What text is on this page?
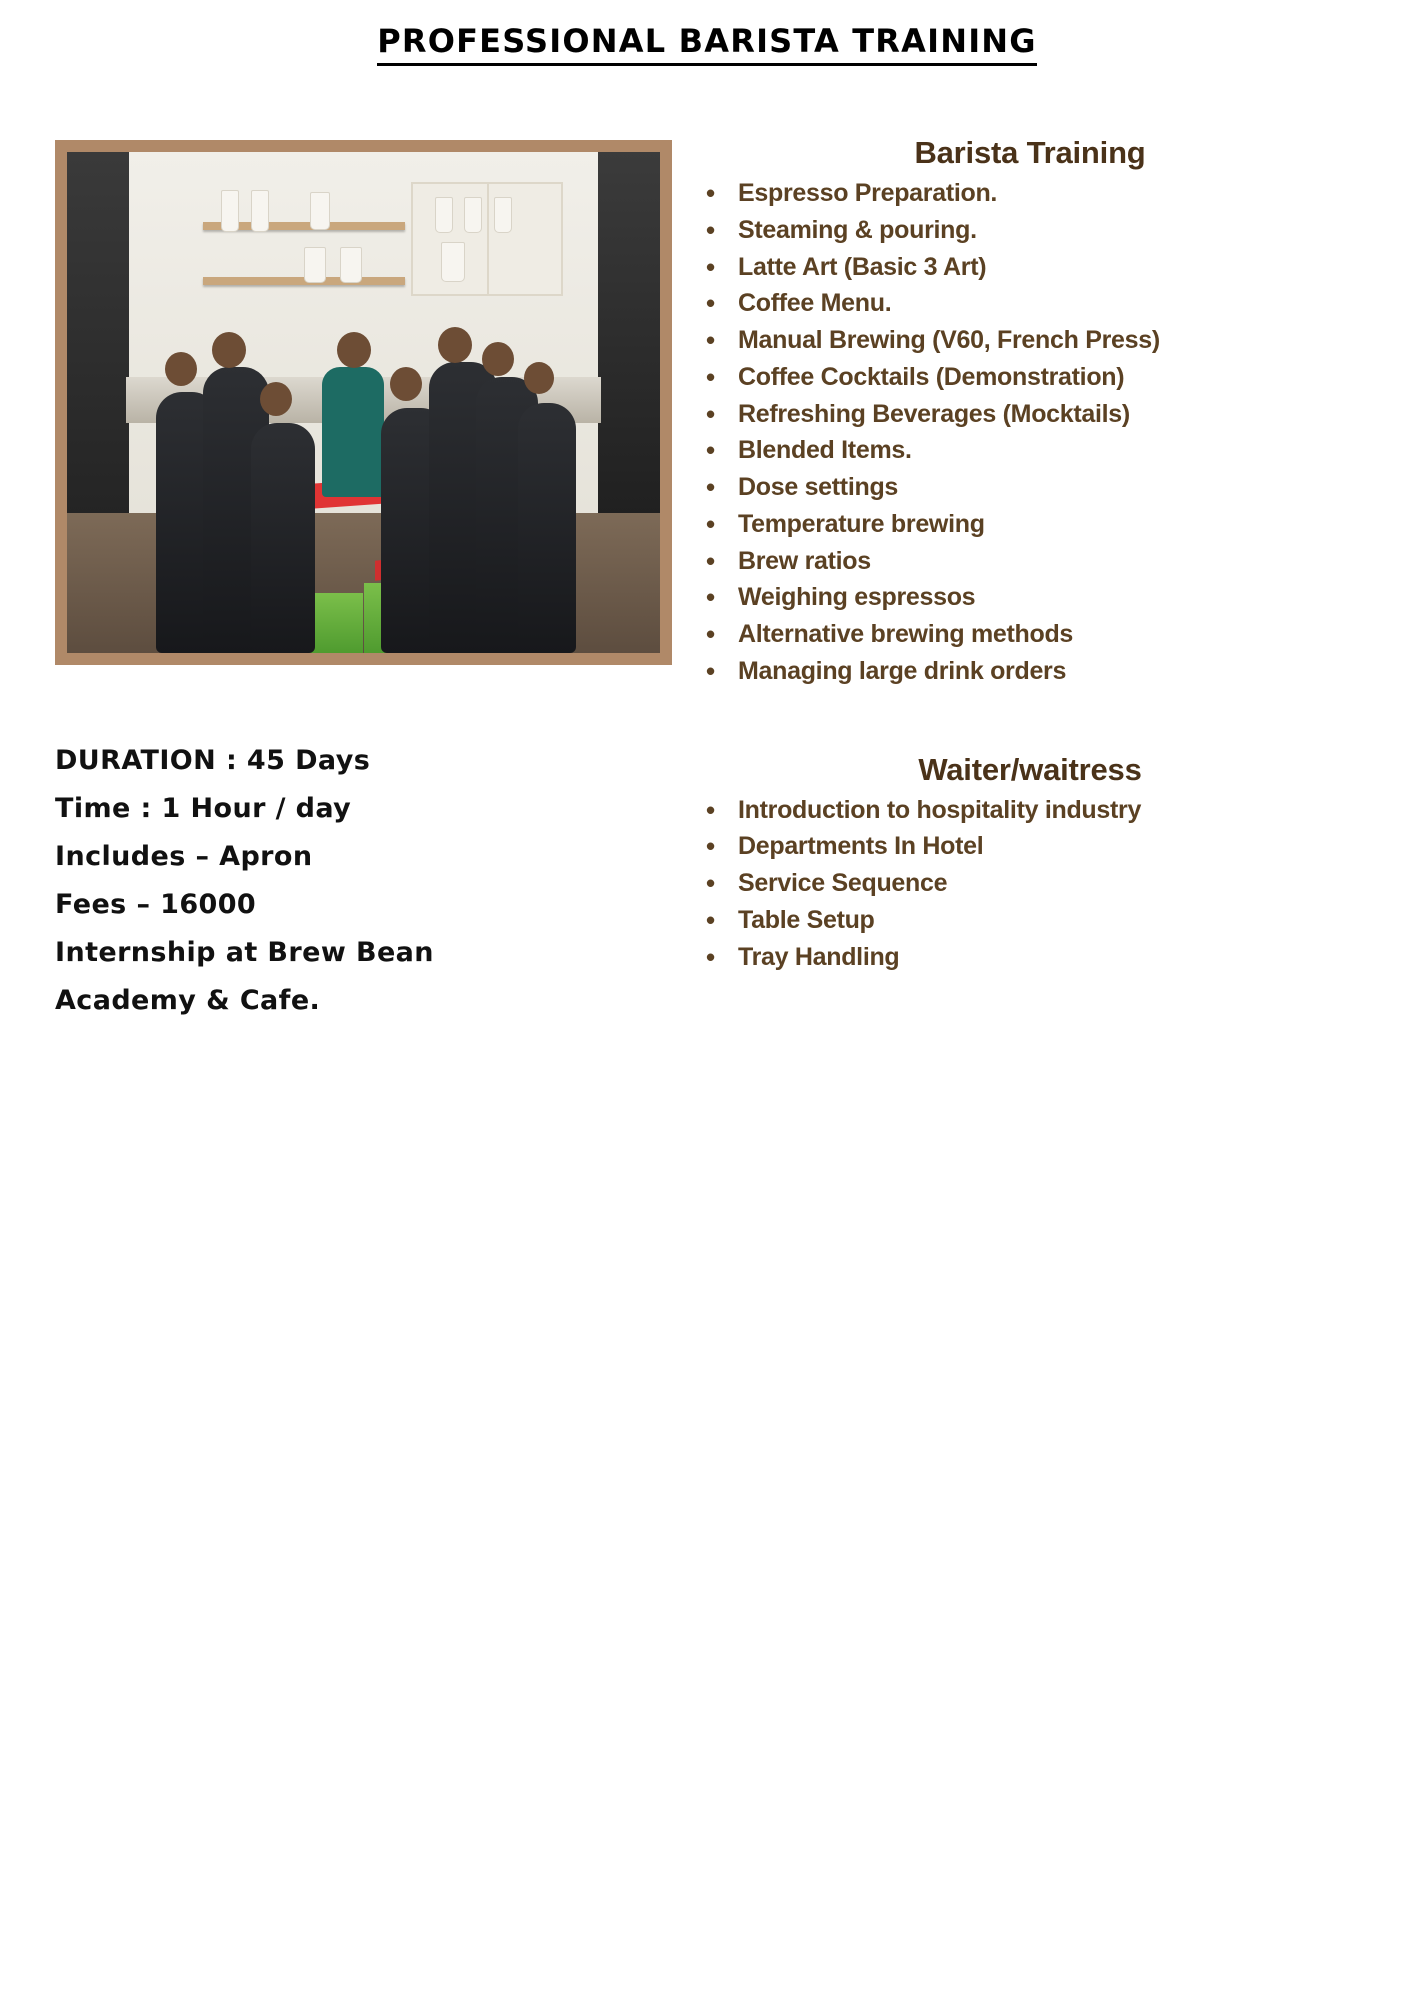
PROFESSIONAL BARISTA TRAINING
DURATION : 45 Days
Time : 1 Hour / day
Includes – Apron
Fees – 16000
Internship at Brew Bean
Academy & Cafe.
Barista Training
• Espresso Preparation.
• Steaming & pouring.
• Latte Art (Basic 3 Art)
• Coffee Menu.
• Manual Brewing (V60, French Press)
• Coffee Cocktails (Demonstration)
• Refreshing Beverages (Mocktails)
• Blended Items.
• Dose settings
• Temperature brewing
• Brew ratios
• Weighing espressos
• Alternative brewing methods
• Managing large drink orders
Waiter/waitress
• Introduction to hospitality industry
• Departments In Hotel
• Service Sequence
• Table Setup
• Tray Handling
